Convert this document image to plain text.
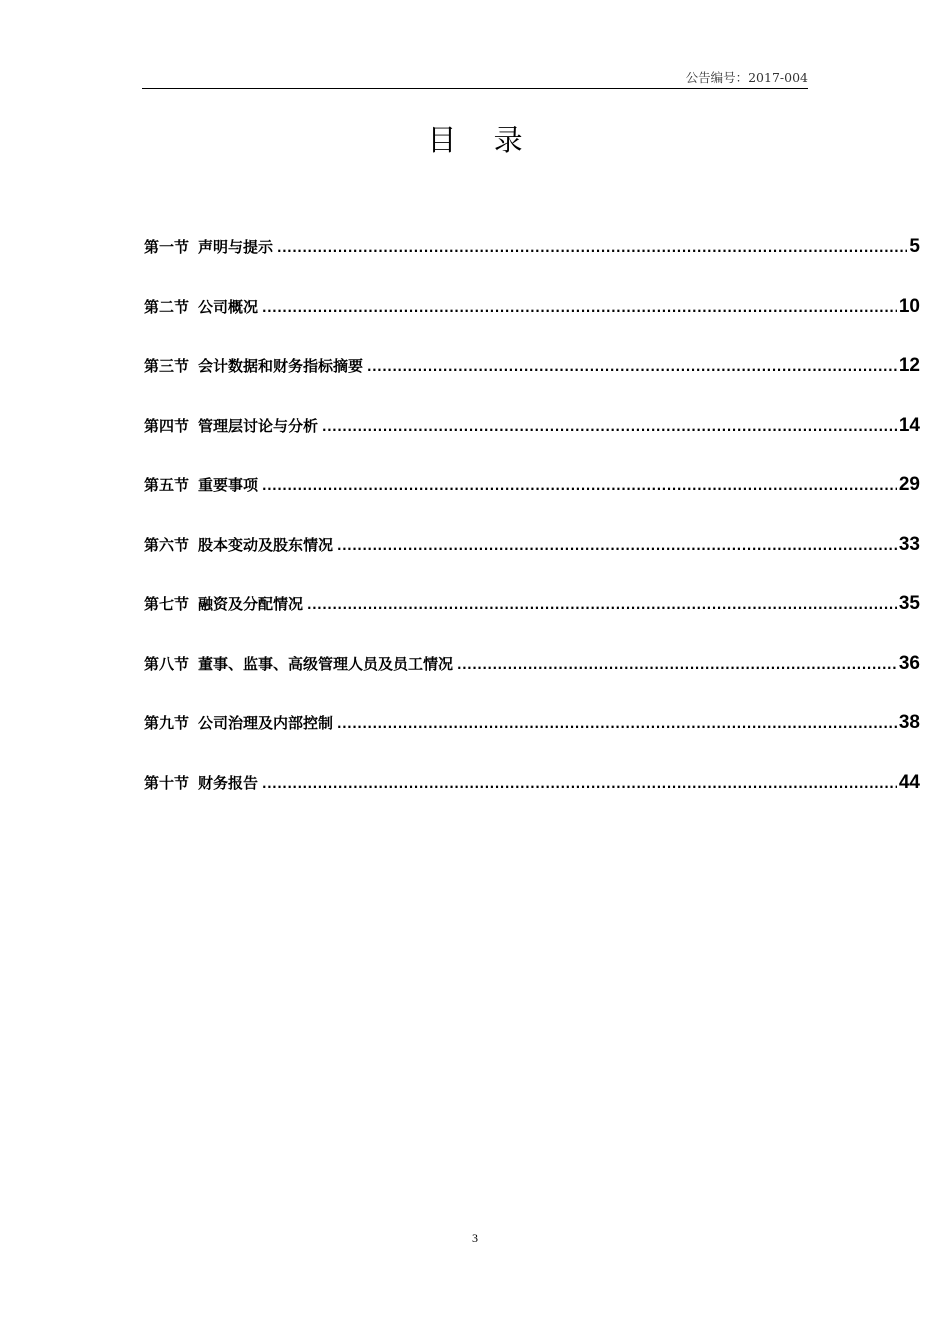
公告编号：2017-004
目 录
第一节 声明与提示 .....	5
第二节 公司概况 .....	10
第三节 会计数据和财务指标摘要 .....	12
第四节 管理层讨论与分析 .....	14
第五节 重要事项 .....	29
第六节 股本变动及股东情况 .....	33
第七节 融资及分配情况 .....	35
第八节 董事、监事、高级管理人员及员工情况 .....	36
第九节 公司治理及内部控制 .....	38
第十节 财务报告 .....	44
3
